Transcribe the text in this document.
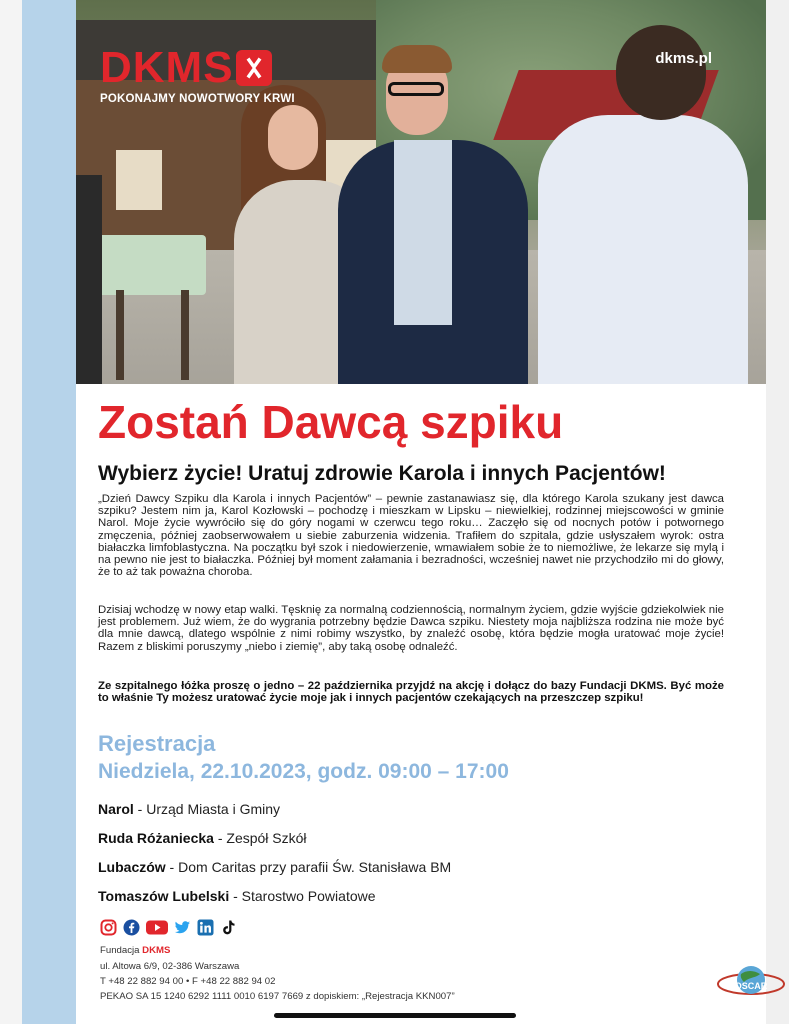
DKMS
POKONAJMY NOWOTWORY KRWI
dkms.pl
Zostań Dawcą szpiku
Wybierz życie! Uratuj zdrowie Karola i innych Pacjentów!

„Dzień Dawcy Szpiku dla Karola i innych Pacjentów” – pewnie zastanawiasz się, dla którego Karola szukany jest dawca szpiku? Jestem nim ja, Karol Kozłowski – pochodzę i mieszkam w Lipsku – niewielkiej, rodzinnej miejscowości w gminie Narol. Moje życie wywróciło się do góry nogami w czerwcu tego roku… Zaczęło się od nocnych potów i potwornego zmęczenia, później zaobserwowałem u siebie zaburzenia widzenia. Trafiłem do szpitala, gdzie usłyszałem wyrok: ostra białaczka limfoblastyczna. Na początku był szok i niedowierzenie, wmawiałem sobie że to niemożliwe, że lekarze się mylą i na pewno nie jest to białaczka. Później był moment załamania i bezradności, wcześniej nawet nie przychodziło mi do głowy, że to aż tak poważna choroba.

Dzisiaj wchodzę w nowy etap walki. Tęsknię za normalną codziennością, normalnym życiem, gdzie wyjście gdziekolwiek nie jest problemem. Już wiem, że do wygrania potrzebny będzie Dawca szpiku. Niestety moja najbliższa rodzina nie może być dla mnie dawcą, dlatego wspólnie z nimi robimy wszystko, by znaleźć osobę, która będzie mogła uratować moje życie! Razem z bliskimi poruszymy „niebo i ziemię”, aby taką osobę odnaleźć.

Ze szpitalnego łóżka proszę o jedno – 22 października przyjdź na akcję i dołącz do bazy Fundacji DKMS. Być może to właśnie Ty możesz uratować życie moje jak i innych pacjentów czekających na przeszczep szpiku!

Rejestracja
Niedziela, 22.10.2023, godz. 09:00 – 17:00
Narol - Urząd Miasta i Gminy
Ruda Różaniecka - Zespół Szkół
Lubaczów - Dom Caritas przy parafii Św. Stanisława BM
Tomaszów Lubelski - Starostwo Powiatowe
Fundacja DKMS
ul. Altowa 6/9, 02-386 Warszawa
T +48 22 882 94 00 • F +48 22 882 94 02
PEKAO SA 15 1240 6292 1111 0010 6197 7669 z dopiskiem: „Rejestracja KKN007”
OSCAR
